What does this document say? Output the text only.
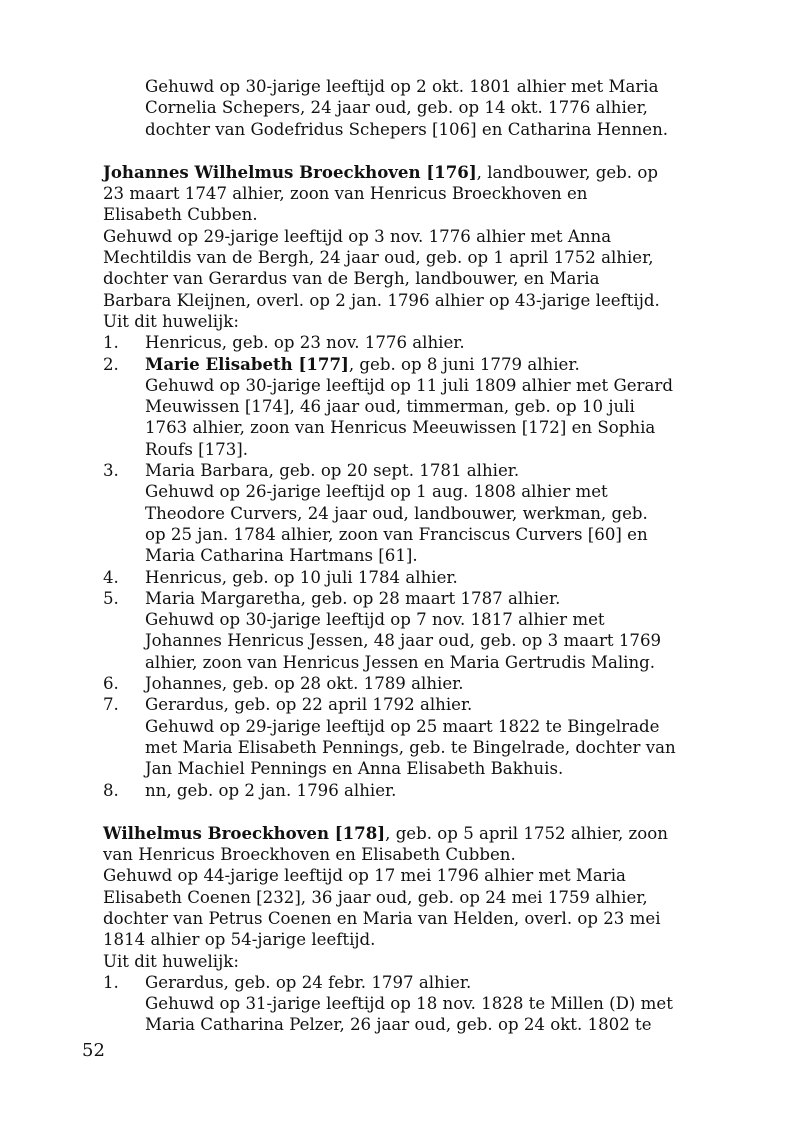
Gehuwd op 30-jarige leeftijd op 2 okt. 1801 alhier met Maria
Cornelia Schepers, 24 jaar oud, geb. op 14 okt. 1776 alhier,
dochter van Godefridus Schepers [106] en Catharina Hennen.
Johannes Wilhelmus Broeckhoven [176], landbouwer, geb. op
23 maart 1747 alhier, zoon van Henricus Broeckhoven en
Elisabeth Cubben.
Gehuwd op 29-jarige leeftijd op 3 nov. 1776 alhier met Anna
Mechtildis van de Bergh, 24 jaar oud, geb. op 1 april 1752 alhier,
dochter van Gerardus van de Bergh, landbouwer, en Maria
Barbara Kleijnen, overl. op 2 jan. 1796 alhier op 43-jarige leeftijd.
Uit dit huwelijk:
1. Henricus, geb. op 23 nov. 1776 alhier.
2. Marie Elisabeth [177], geb. op 8 juni 1779 alhier.
Gehuwd op 30-jarige leeftijd op 11 juli 1809 alhier met Gerard
Meuwissen [174], 46 jaar oud, timmerman, geb. op 10 juli
1763 alhier, zoon van Henricus Meeuwissen [172] en Sophia
Roufs [173].
3. Maria Barbara, geb. op 20 sept. 1781 alhier.
Gehuwd op 26-jarige leeftijd op 1 aug. 1808 alhier met
Theodore Curvers, 24 jaar oud, landbouwer, werkman, geb.
op 25 jan. 1784 alhier, zoon van Franciscus Curvers [60] en
Maria Catharina Hartmans [61].
4. Henricus, geb. op 10 juli 1784 alhier.
5. Maria Margaretha, geb. op 28 maart 1787 alhier.
Gehuwd op 30-jarige leeftijd op 7 nov. 1817 alhier met
Johannes Henricus Jessen, 48 jaar oud, geb. op 3 maart 1769
alhier, zoon van Henricus Jessen en Maria Gertrudis Maling.
6. Johannes, geb. op 28 okt. 1789 alhier.
7. Gerardus, geb. op 22 april 1792 alhier.
Gehuwd op 29-jarige leeftijd op 25 maart 1822 te Bingelrade
met Maria Elisabeth Pennings, geb. te Bingelrade, dochter van
Jan Machiel Pennings en Anna Elisabeth Bakhuis.
8. nn, geb. op 2 jan. 1796 alhier.
Wilhelmus Broeckhoven [178], geb. op 5 april 1752 alhier, zoon
van Henricus Broeckhoven en Elisabeth Cubben.
Gehuwd op 44-jarige leeftijd op 17 mei 1796 alhier met Maria
Elisabeth Coenen [232], 36 jaar oud, geb. op 24 mei 1759 alhier,
dochter van Petrus Coenen en Maria van Helden, overl. op 23 mei
1814 alhier op 54-jarige leeftijd.
Uit dit huwelijk:
1. Gerardus, geb. op 24 febr. 1797 alhier.
Gehuwd op 31-jarige leeftijd op 18 nov. 1828 te Millen (D) met
Maria Catharina Pelzer, 26 jaar oud, geb. op 24 okt. 1802 te
52
